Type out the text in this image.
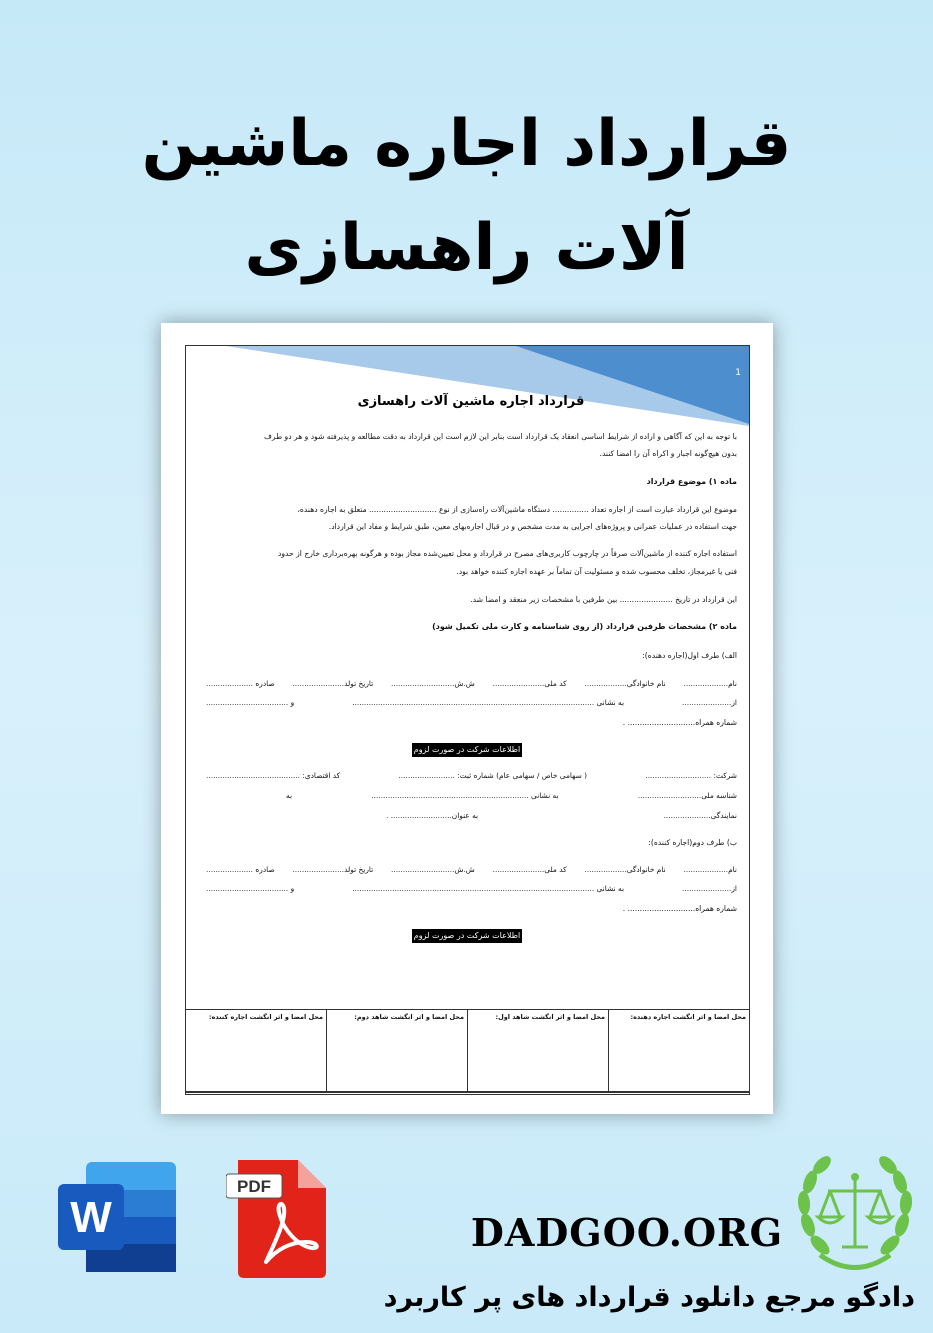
قرارداد اجاره ماشین
آلات راهسازی
1
قرارداد اجاره ماشین آلات راهسازی
با توجه به این که آگاهی و اراده از شرایط اساسی انعقاد یک قرارداد است بنابر این لازم است این قرارداد به دقت مطالعه و پذیرفته شود و هر دو طرف
بدون هیچ‌گونه اجبار و اکراه آن را امضا کنند.
ماده ۱) موضوع قرارداد
موضوع این قرارداد عبارت است از اجاره تعداد ............... دستگاه ماشین‌آلات راه‌سازی از نوع ............................ متعلق به اجاره دهنده،
جهت استفاده در عملیات عمرانی و پروژه‌های اجرایی به مدت مشخص و در قبال اجاره‌بهای معین، طبق شرایط و مفاد این قرارداد.
استفاده اجاره کننده از ماشین‌آلات صرفاً در چارچوب کاربری‌های مصرح در قرارداد و محل تعیین‌شده مجاز بوده و هرگونه بهره‌برداری خارج از حدود
فنی یا غیرمجاز، تخلف محسوب شده و مسئولیت آن تماماً بر عهده اجاره کننده خواهد بود.
این قرارداد در تاریخ ...................... بین طرفین با مشخصات زیر منعقد و امضا شد.
ماده ۲) مشخصات طرفین قرارداد (از روی شناسنامه و کارت ملی تکمیل شود)
الف) طرف اول(اجاره دهنده):
نام...................
نام خانوادگی..................
کد ملی......................
ش.ش...........................
تاریخ تولد......................
صادره ....................
از.....................
به نشانی .......................................................................................................
و ...................................
شماره همراه............................ .
اطلاعات شرکت در صورت لزوم
شرکت: ............................
( سهامی خاص / سهامی عام) شماره ثبت: ........................
کد اقتصادی: ........................................
شناسه ملی...........................
به نشانی ...................................................................
به
نمایندگی....................
به عنوان.......................... .
ب) طرف دوم(اجاره کننده):
نام...................
نام خانوادگی..................
کد ملی......................
ش.ش...........................
تاریخ تولد......................
صادره ....................
از.....................
به نشانی .......................................................................................................
و ...................................
شماره همراه............................ .
اطلاعات شرکت در صورت لزوم
محل امضا و اثر انگشت اجاره دهنده:
محل امضا و اثر انگشت شاهد اول:
محل امضا و اثر انگشت شاهد دوم:
محل امضا و اثر انگشت اجاره کننده:
W
PDF
DADGOO.ORG
دادگو مرجع دانلود قرارداد های پر کاربرد
